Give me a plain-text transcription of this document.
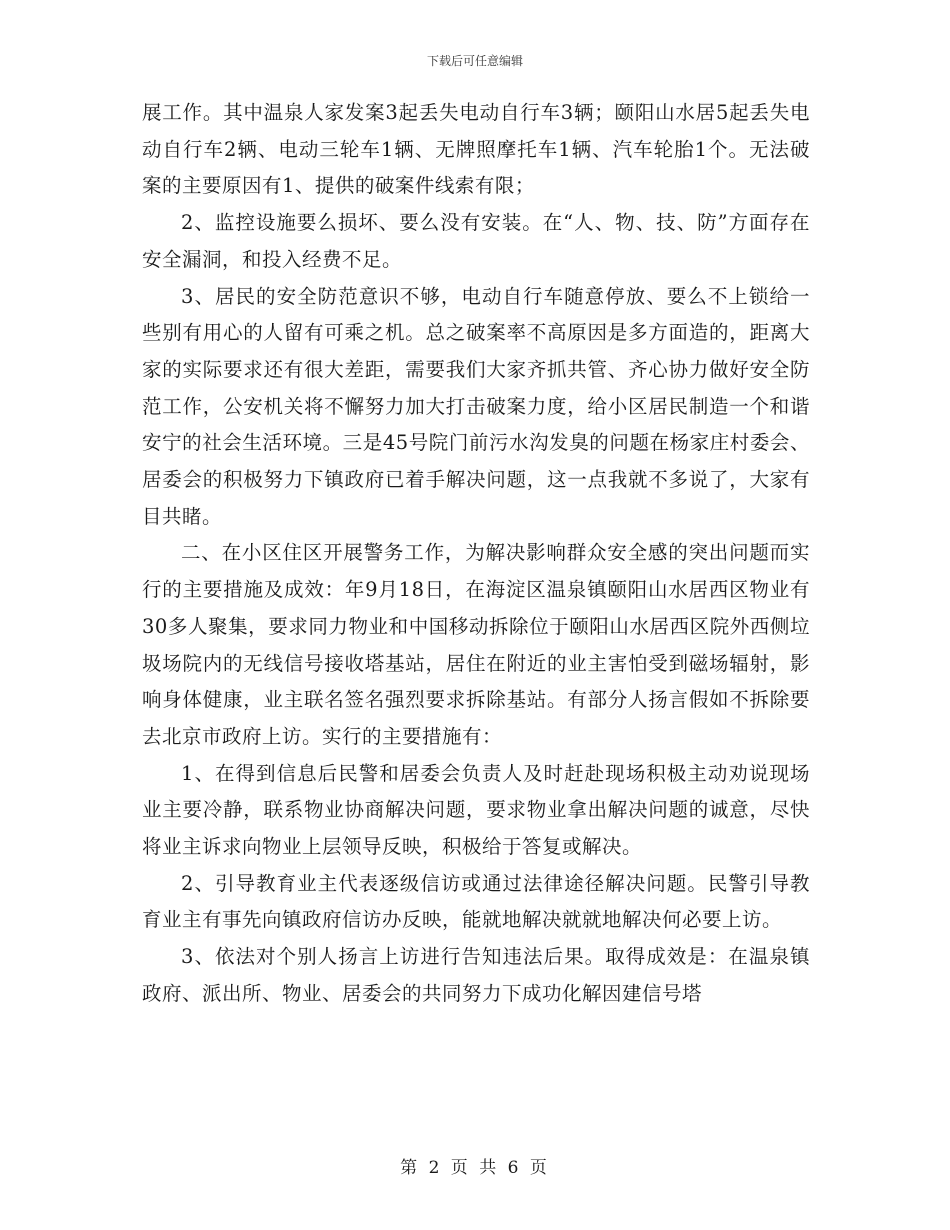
下载后可任意编辑

展工作。其中温泉人家发案3起丢失电动自行车3辆；颐阳山水居5起丢失电动自行车2辆、电动三轮车1辆、无牌照摩托车1辆、汽车轮胎1个。无法破案的主要原因有1、提供的破案件线索有限；

2、监控设施要么损坏、要么没有安装。在“人、物、技、防”方面存在安全漏洞，和投入经费不足。

3、居民的安全防范意识不够，电动自行车随意停放、要么不上锁给一些别有用心的人留有可乘之机。总之破案率不高原因是多方面造的，距离大家的实际要求还有很大差距，需要我们大家齐抓共管、齐心协力做好安全防范工作，公安机关将不懈努力加大打击破案力度，给小区居民制造一个和谐安宁的社会生活环境。三是45号院门前污水沟发臭的问题在杨家庄村委会、居委会的积极努力下镇政府已着手解决问题，这一点我就不多说了，大家有目共睹。

二、在小区住区开展警务工作，为解决影响群众安全感的突出问题而实行的主要措施及成效：年9月18日，在海淀区温泉镇颐阳山水居西区物业有30多人聚集，要求同力物业和中国移动拆除位于颐阳山水居西区院外西侧垃圾场院内的无线信号接收塔基站，居住在附近的业主害怕受到磁场辐射，影响身体健康，业主联名签名强烈要求拆除基站。有部分人扬言假如不拆除要去北京市政府上访。实行的主要措施有：

1、在得到信息后民警和居委会负责人及时赶赴现场积极主动劝说现场业主要冷静，联系物业协商解决问题，要求物业拿出解决问题的诚意，尽快将业主诉求向物业上层领导反映，积极给于答复或解决。

2、引导教育业主代表逐级信访或通过法律途径解决问题。民警引导教育业主有事先向镇政府信访办反映，能就地解决就就地解决何必要上访。

3、依法对个别人扬言上访进行告知违法后果。取得成效是：在温泉镇政府、派出所、物业、居委会的共同努力下成功化解因建信号塔

第 2 页 共 6 页
